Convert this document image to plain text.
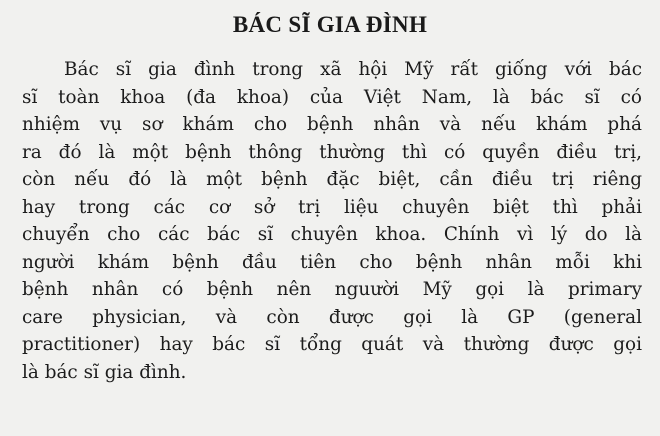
BÁC SĨ GIA ĐÌNH
Bác sĩ gia đình trong xã hội Mỹ rất giống với bác
sĩ toàn khoa (đa khoa) của Việt Nam, là bác sĩ có
nhiệm vụ sơ khám cho bệnh nhân và nếu khám phá
ra đó là một bệnh thông thường thì có quyền điều trị,
còn nếu đó là một bệnh đặc biệt, cần điều trị riêng
hay trong các cơ sở trị liệu chuyên biệt thì phải
chuyển cho các bác sĩ chuyên khoa. Chính vì lý do là
người khám bệnh đầu tiên cho bệnh nhân mỗi khi
bệnh nhân có bệnh nên nguười Mỹ gọi là primary
care physician, và còn được gọi là GP (general
practitioner) hay bác sĩ tổng quát và thường được gọi
là bác sĩ gia đình.
